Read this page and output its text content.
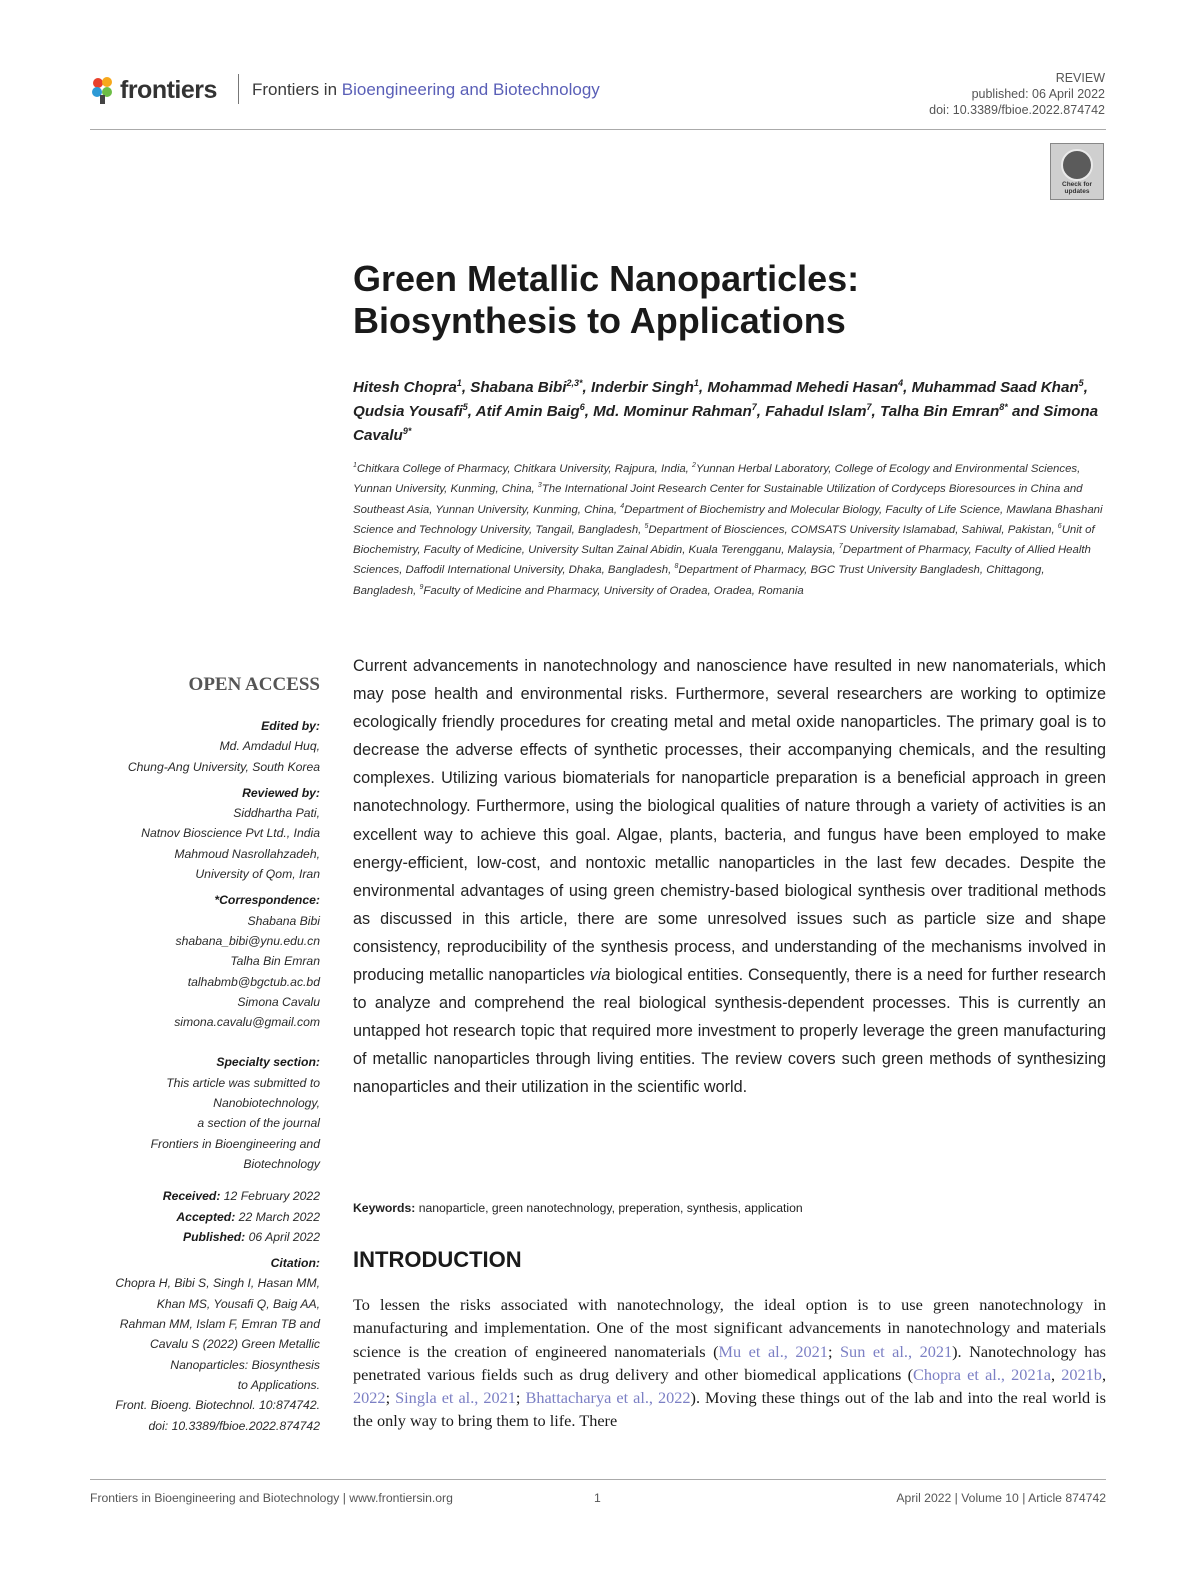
frontiers Frontiers in Bioengineering and Biotechnology
REVIEW
published: 06 April 2022
doi: 10.3389/fbioe.2022.874742
Check for updates
Green Metallic Nanoparticles:
Biosynthesis to Applications
Hitesh Chopra$^1$, Shabana Bibi$^{2,3*}$, Inderbir Singh$^1$, Mohammad Mehedi Hasan$^4$, Muhammad Saad Khan$^5$, Qudsia Yousafi$^5$, Atif Amin Baig$^6$, Md. Mominur Rahman$^7$, Fahadul Islam$^7$, Talha Bin Emran$^{8*}$ and Simona Cavalu$^{9*}$
$^1$Chitkara College of Pharmacy, Chitkara University, Rajpura, India, $^2$Yunnan Herbal Laboratory, College of Ecology and Environmental Sciences, Yunnan University, Kunming, China, $^3$The International Joint Research Center for Sustainable Utilization of Cordyceps Bioresources in China and Southeast Asia, Yunnan University, Kunming, China, $^4$Department of Biochemistry and Molecular Biology, Faculty of Life Science, Mawlana Bhashani Science and Technology University, Tangail, Bangladesh, $^5$Department of Biosciences, COMSATS University Islamabad, Sahiwal, Pakistan, $^6$Unit of Biochemistry, Faculty of Medicine, University Sultan Zainal Abidin, Kuala Terengganu, Malaysia, $^7$Department of Pharmacy, Faculty of Allied Health Sciences, Daffodil International University, Dhaka, Bangladesh, $^8$Department of Pharmacy, BGC Trust University Bangladesh, Chittagong, Bangladesh, $^9$Faculty of Medicine and Pharmacy, University of Oradea, Oradea, Romania
OPEN ACCESS
Edited by:
Md. Amdadul Huq,
Chung-Ang University, South Korea
Reviewed by:
Siddhartha Pati,
Natnov Bioscience Pvt Ltd., India
Mahmoud Nasrollahzadeh,
University of Qom, Iran
*Correspondence:
Shabana Bibi
shabana_bibi@ynu.edu.cn
Talha Bin Emran
talhabmb@bgctub.ac.bd
Simona Cavalu
simona.cavalu@gmail.com
Specialty section:
This article was submitted to
Nanobiotechnology,
a section of the journal
Frontiers in Bioengineering and
Biotechnology
Received: 12 February 2022
Accepted: 22 March 2022
Published: 06 April 2022
Citation:
Chopra H, Bibi S, Singh I, Hasan MM,
Khan MS, Yousafi Q, Baig AA,
Rahman MM, Islam F, Emran TB and
Cavalu S (2022) Green Metallic
Nanoparticles: Biosynthesis
to Applications.
Front. Bioeng. Biotechnol. 10:874742.
doi: 10.3389/fbioe.2022.874742

Current advancements in nanotechnology and nanoscience have resulted in new nanomaterials, which may pose health and environmental risks. Furthermore, several researchers are working to optimize ecologically friendly procedures for creating metal and metal oxide nanoparticles. The primary goal is to decrease the adverse effects of synthetic processes, their accompanying chemicals, and the resulting complexes. Utilizing various biomaterials for nanoparticle preparation is a beneficial approach in green nanotechnology. Furthermore, using the biological qualities of nature through a variety of activities is an excellent way to achieve this goal. Algae, plants, bacteria, and fungus have been employed to make energy-efficient, low-cost, and nontoxic metallic nanoparticles in the last few decades. Despite the environmental advantages of using green chemistry-based biological synthesis over traditional methods as discussed in this article, there are some unresolved issues such as particle size and shape consistency, reproducibility of the synthesis process, and understanding of the mechanisms involved in producing metallic nanoparticles via biological entities. Consequently, there is a need for further research to analyze and comprehend the real biological synthesis-dependent processes. This is currently an untapped hot research topic that required more investment to properly leverage the green manufacturing of metallic nanoparticles through living entities. The review covers such green methods of synthesizing nanoparticles and their utilization in the scientific world.

Keywords: nanoparticle, green nanotechnology, preperation, synthesis, application
INTRODUCTION

To lessen the risks associated with nanotechnology, the ideal option is to use green nanotechnology in manufacturing and implementation. One of the most significant advancements in nanotechnology and materials science is the creation of engineered nanomaterials (Mu et al., 2021; Sun et al., 2021). Nanotechnology has penetrated various fields such as drug delivery and other biomedical applications (Chopra et al., 2021a, 2021b, 2022; Singla et al., 2021; Bhattacharya et al., 2022). Moving these things out of the lab and into the real world is the only way to bring them to life. There

Frontiers in Bioengineering and Biotechnology | www.frontiersin.org	1	April 2022 | Volume 10 | Article 874742
